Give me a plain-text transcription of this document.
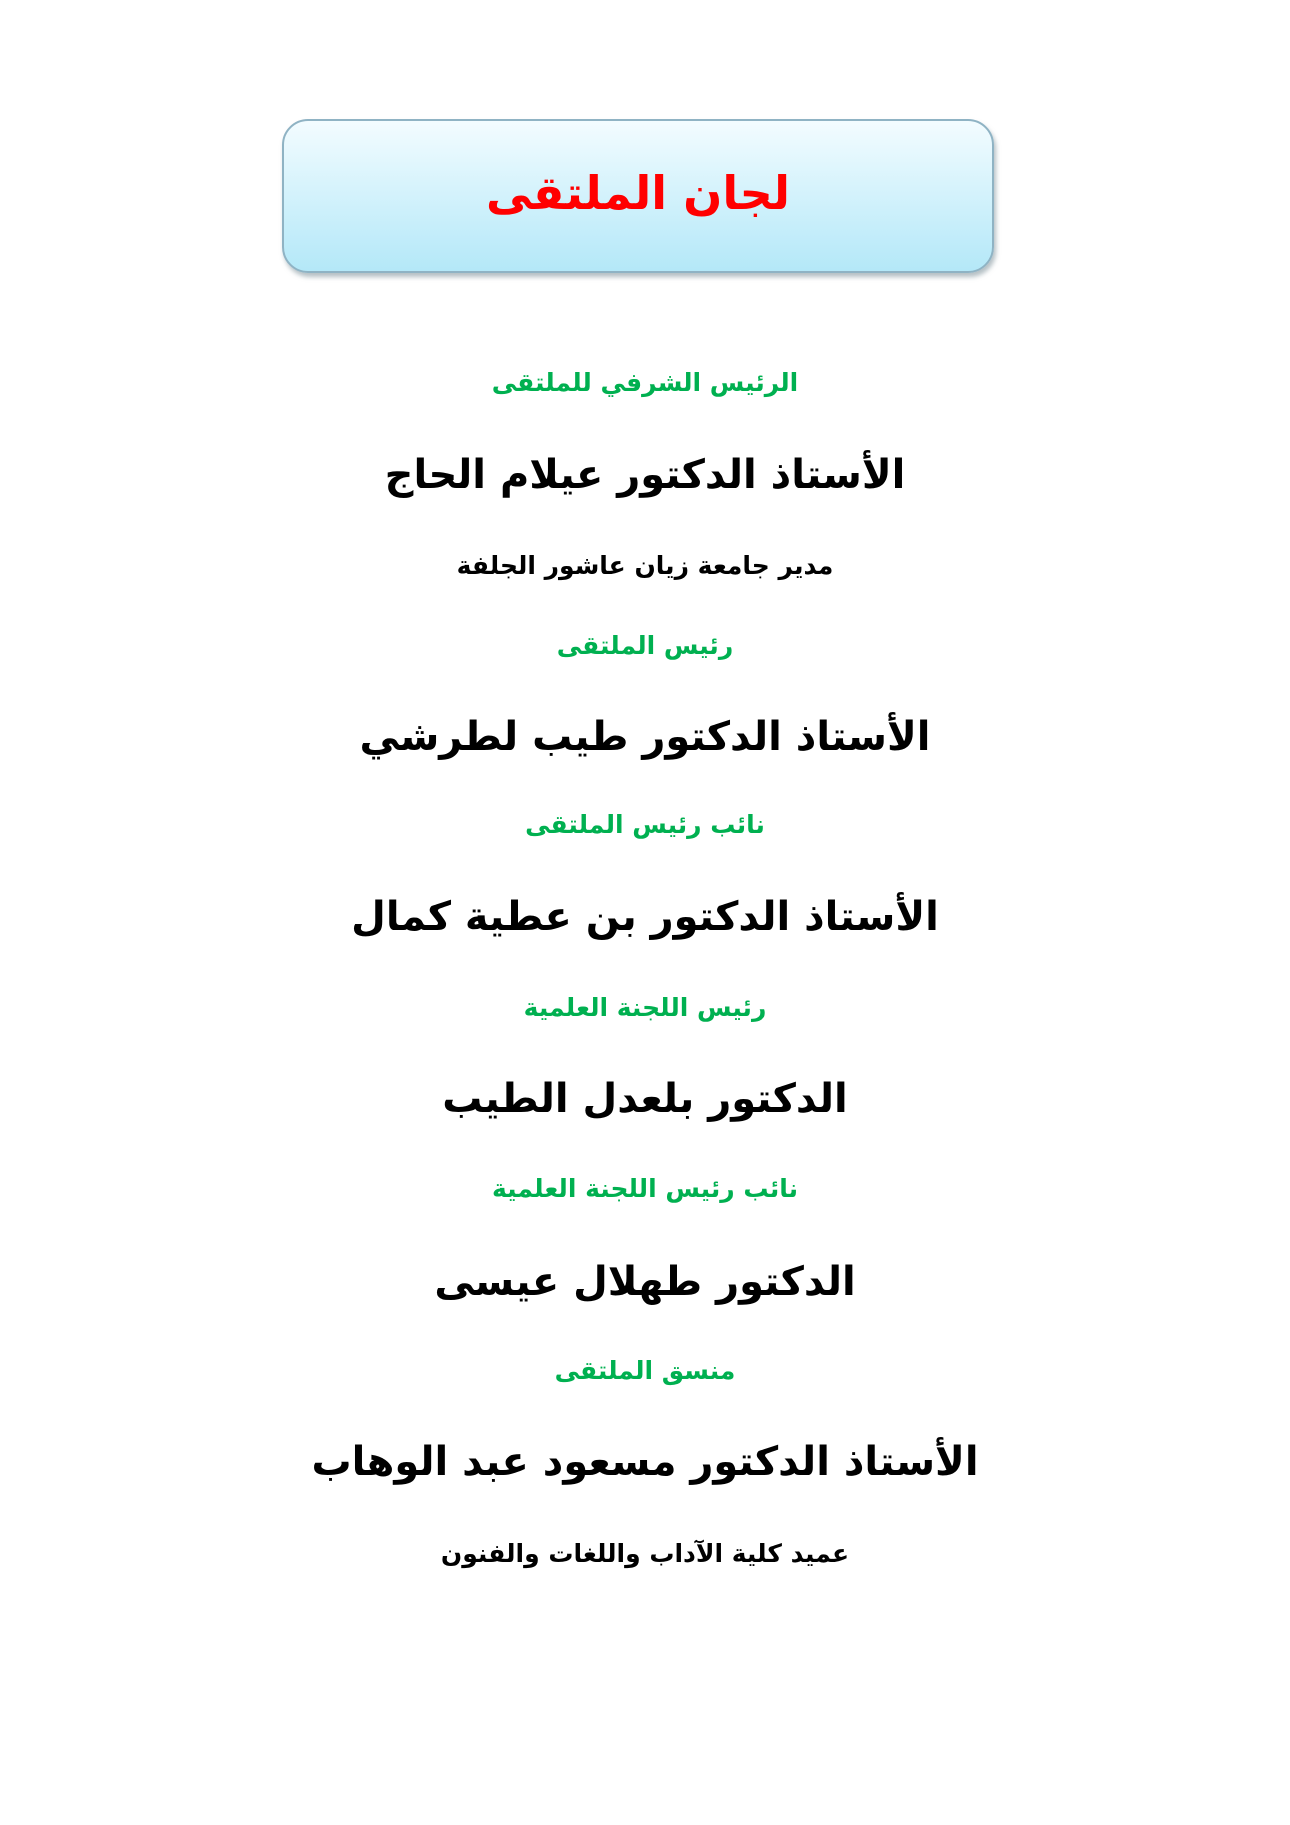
لجان الملتقى
الرئيس الشرفي للملتقى
الأستاذ الدكتور عيلام الحاج
مدير جامعة زيان عاشور الجلفة
رئيس الملتقى
الأستاذ الدكتور طيب لطرشي
نائب رئيس الملتقى
الأستاذ الدكتور بن عطية كمال
رئيس اللجنة العلمية
الدكتور بلعدل الطيب
نائب رئيس اللجنة العلمية
الدكتور طهلال عيسى
منسق الملتقى
الأستاذ الدكتور مسعود عبد الوهاب
عميد كلية الآداب واللغات والفنون
